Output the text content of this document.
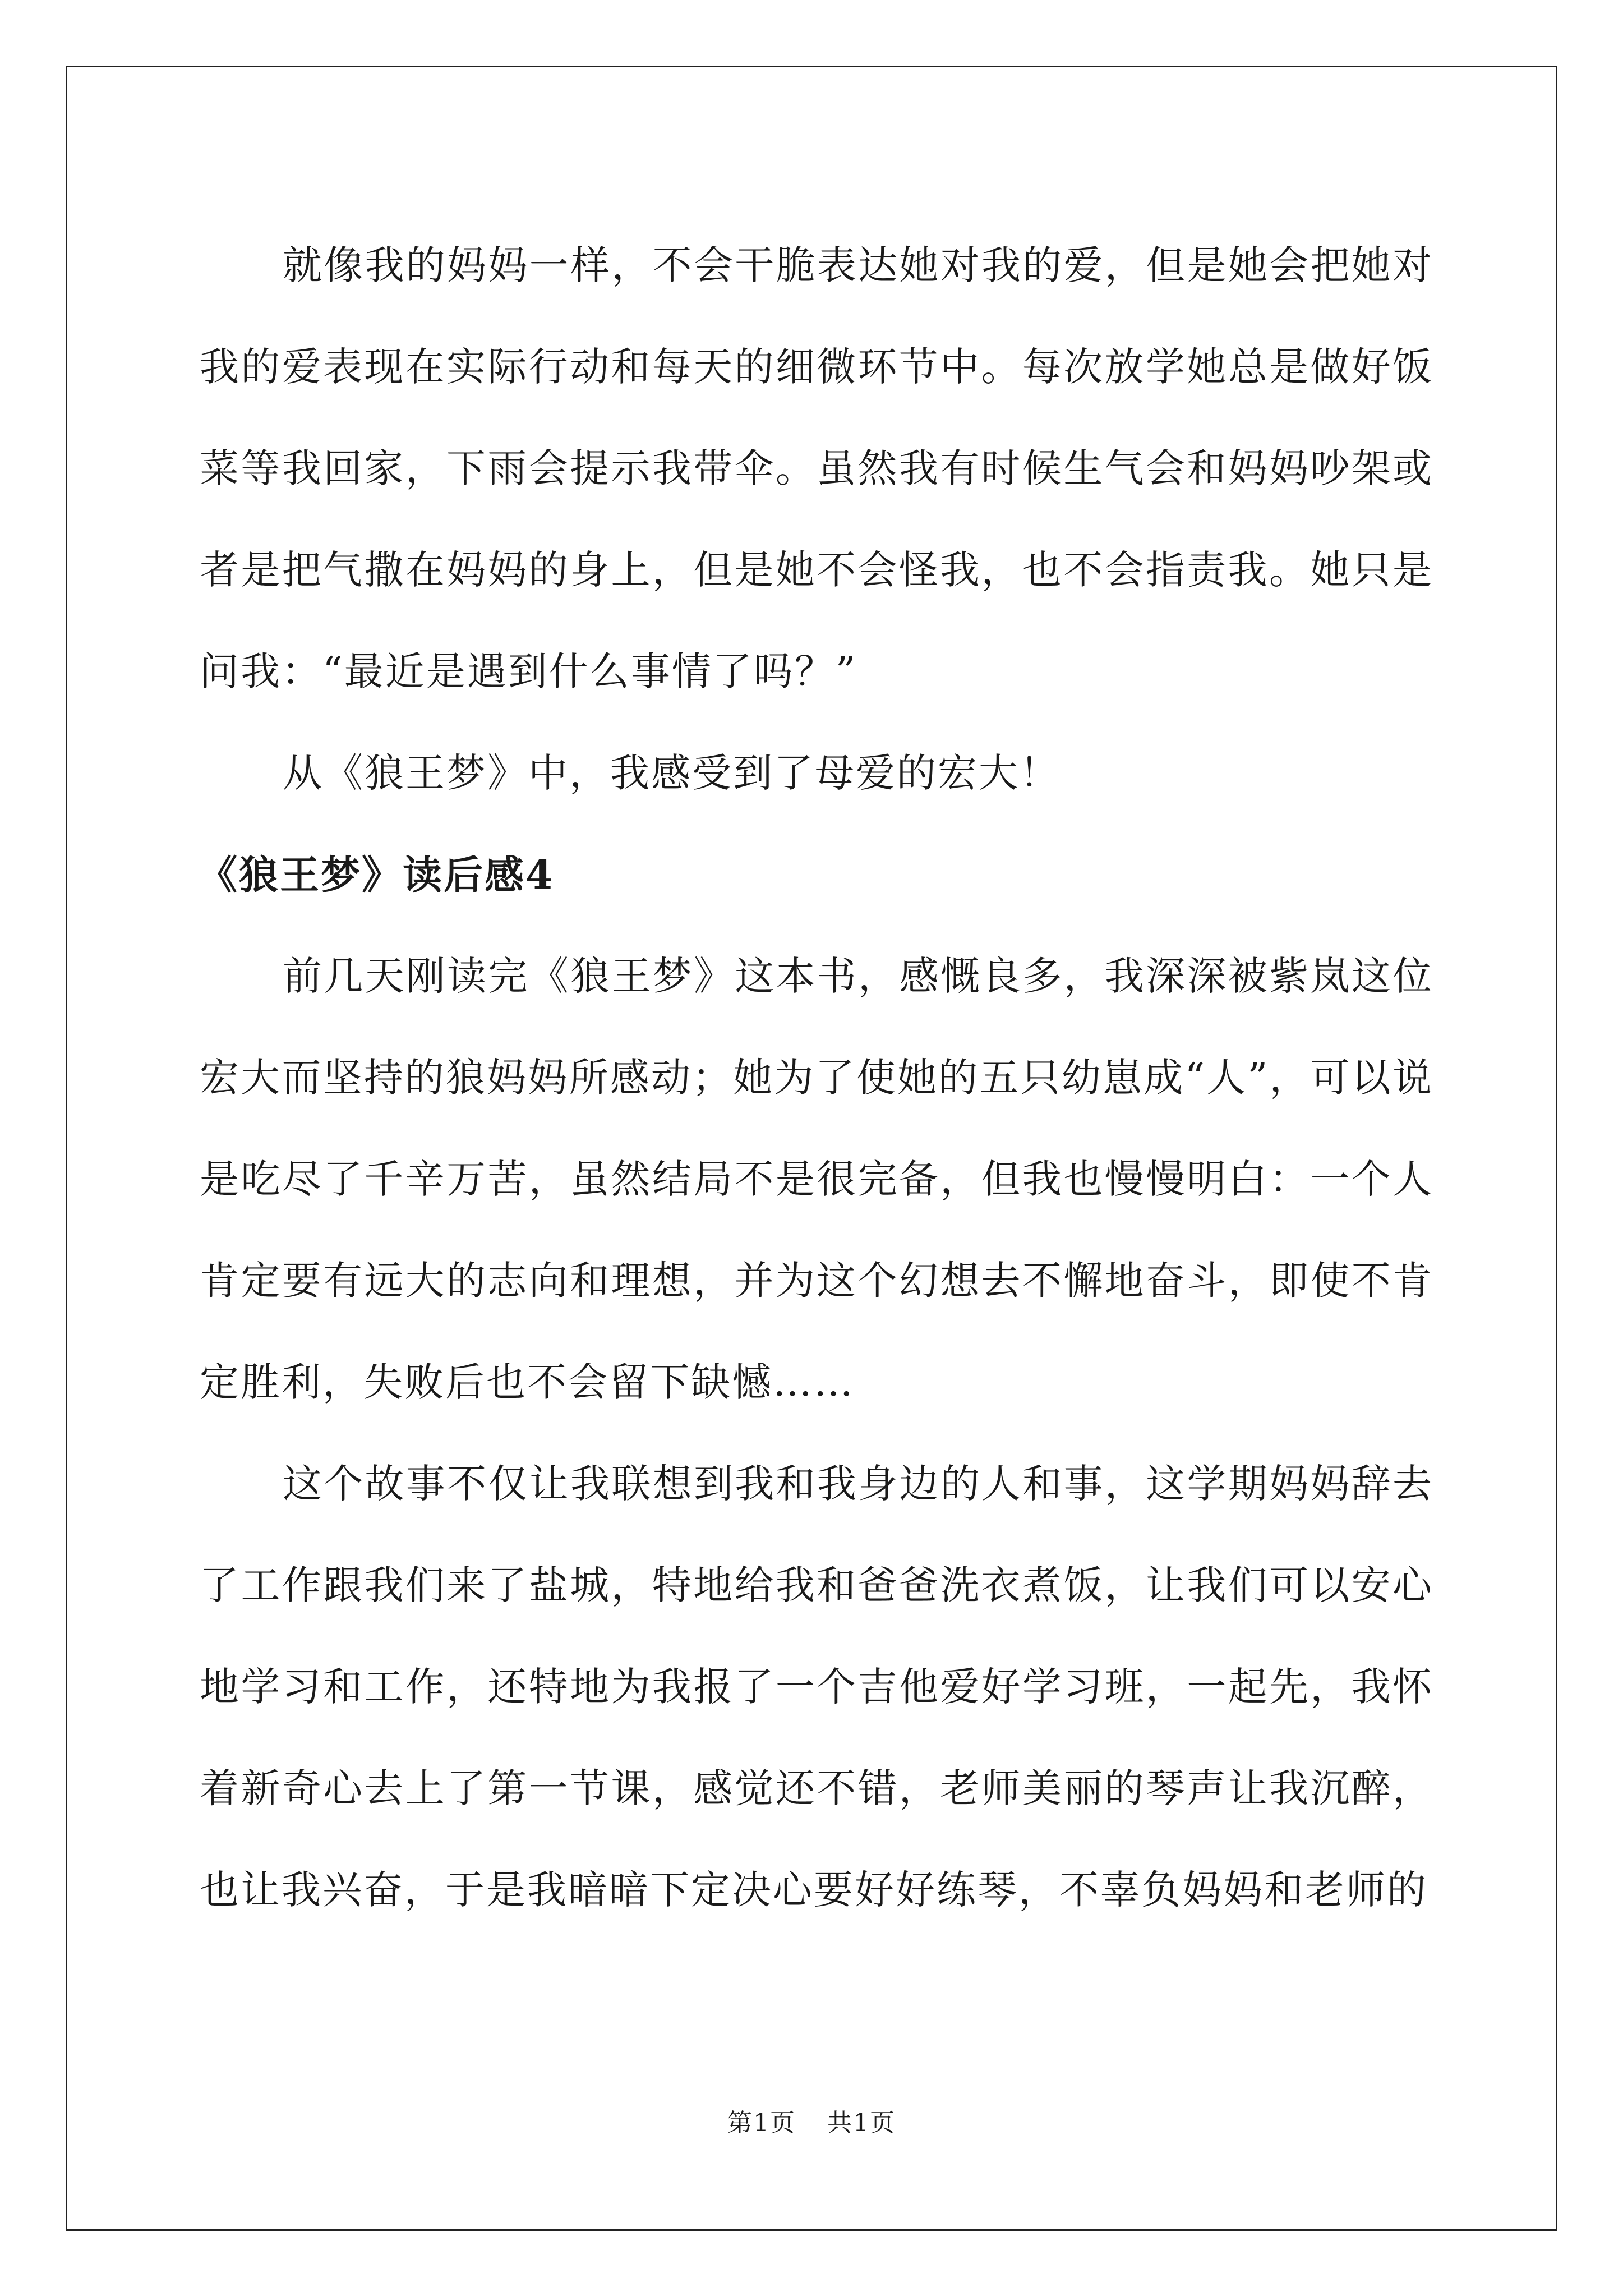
就像我的妈妈一样，不会干脆表达她对我的爱，但是她会把她对我的爱表现在实际行动和每天的细微环节中。每次放学她总是做好饭菜等我回家，下雨会提示我带伞。虽然我有时候生气会和妈妈吵架或者是把气撒在妈妈的身上，但是她不会怪我，也不会指责我。她只是问我：“最近是遇到什么事情了吗？”

从《狼王梦》中，我感受到了母爱的宏大！

《狼王梦》读后感4

前几天刚读完《狼王梦》这本书，感慨良多，我深深被紫岚这位宏大而坚持的狼妈妈所感动；她为了使她的五只幼崽成“人”，可以说是吃尽了千辛万苦，虽然结局不是很完备，但我也慢慢明白：一个人肯定要有远大的志向和理想，并为这个幻想去不懈地奋斗，即使不肯定胜利，失败后也不会留下缺憾……

这个故事不仅让我联想到我和我身边的人和事，这学期妈妈辞去了工作跟我们来了盐城，特地给我和爸爸洗衣煮饭，让我们可以安心地学习和工作，还特地为我报了一个吉他爱好学习班，一起先，我怀着新奇心去上了第一节课，感觉还不错，老师美丽的琴声让我沉醉，也让我兴奋，于是我暗暗下定决心要好好练琴，不辜负妈妈和老师的

第1页 共1页
